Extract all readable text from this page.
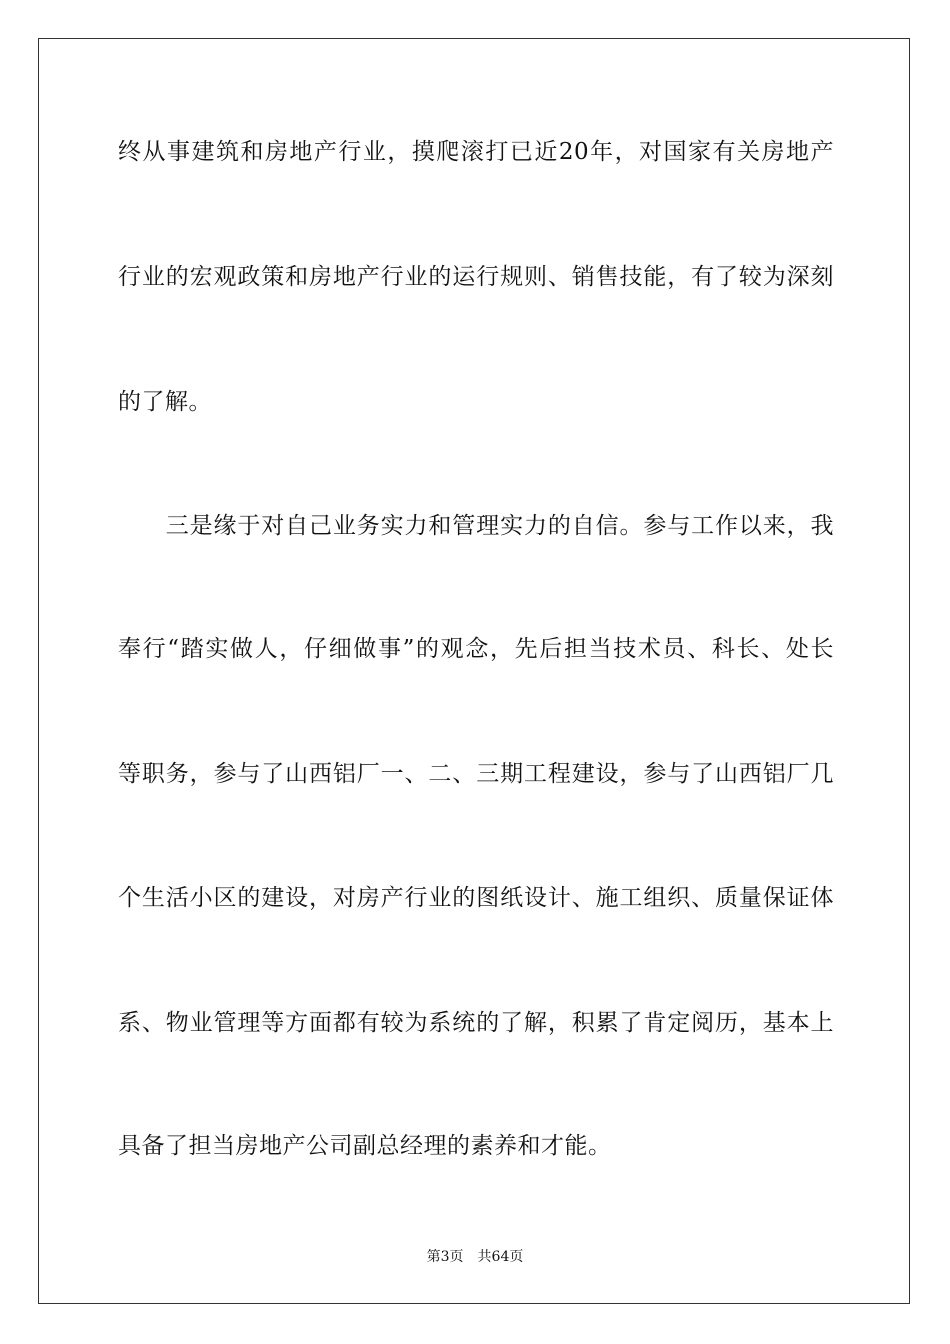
终从事建筑和房地产行业，摸爬滚打已近20年，对国家有关房地产
行业的宏观政策和房地产行业的运行规则、销售技能，有了较为深刻
的了解。
　　三是缘于对自己业务实力和管理实力的自信。参与工作以来，我
奉行“踏实做人，仔细做事”的观念，先后担当技术员、科长、处长
等职务，参与了山西铝厂一、二、三期工程建设，参与了山西铝厂几
个生活小区的建设，对房产行业的图纸设计、施工组织、质量保证体
系、物业管理等方面都有较为系统的了解，积累了肯定阅历，基本上
具备了担当房地产公司副总经理的素养和才能。
第3页 共64页
